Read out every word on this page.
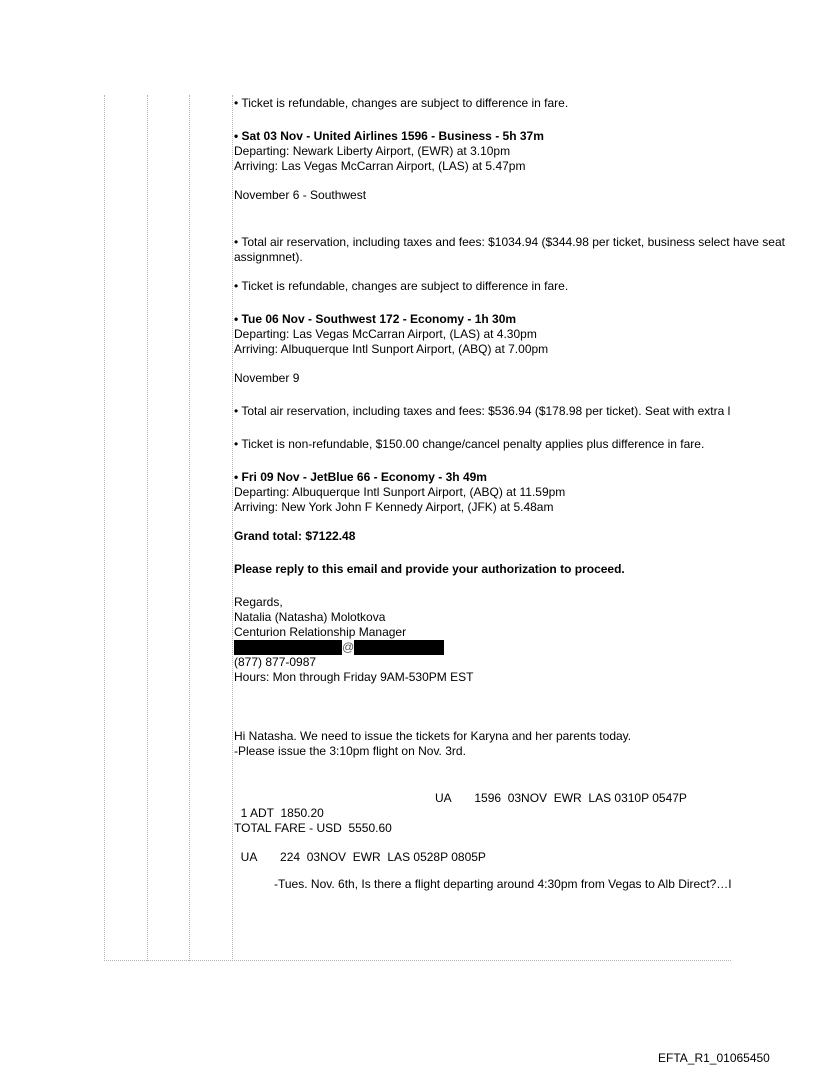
• Ticket is refundable, changes are subject to difference in fare.

• Sat 03 Nov - United Airlines 1596 - Business - 5h 37m

Departing: Newark Liberty Airport, (EWR) at 3.10pm

Arriving: Las Vegas McCarran Airport, (LAS) at 5.47pm

November 6 - Southwest

• Total air reservation, including taxes and fees: $1034.94 ($344.98 per ticket, business select have seat assignmnet).

• Ticket is refundable, changes are subject to difference in fare.

• Tue 06 Nov - Southwest 172 - Economy - 1h 30m

Departing: Las Vegas McCarran Airport, (LAS) at 4.30pm

Arriving: Albuquerque Intl Sunport Airport, (ABQ) at 7.00pm

November 9

• Total air reservation, including taxes and fees: $536.94 ($178.98 per ticket). Seat with extra l

• Ticket is non-refundable, $150.00 change/cancel penalty applies plus difference in fare.

• Fri 09 Nov - JetBlue 66 - Economy - 3h 49m

Departing: Albuquerque Intl Sunport Airport, (ABQ) at 11.59pm

Arriving: New York John F Kennedy Airport, (JFK) at 5.48am

Grand total: $7122.48

Please reply to this email and provide your authorization to proceed.

Regards,

Natalia (Natasha) Molotkova

Centurion Relationship Manager

@

(877) 877-0987

Hours: Mon through Friday 9AM-530PM EST

Hi Natasha. We need to issue the tickets for Karyna and her parents today.

-Please issue the 3:10pm flight on Nov. 3rd.

UA       1596  03NOV  EWR  LAS 0310P 0547P

1 ADT  1850.20

TOTAL FARE - USD  5550.60

UA       224  03NOV  EWR  LAS 0528P 0805P

-Tues. Nov. 6th, Is there a flight departing around 4:30pm from Vegas to Alb Direct?…I

EFTA_R1_01065450
